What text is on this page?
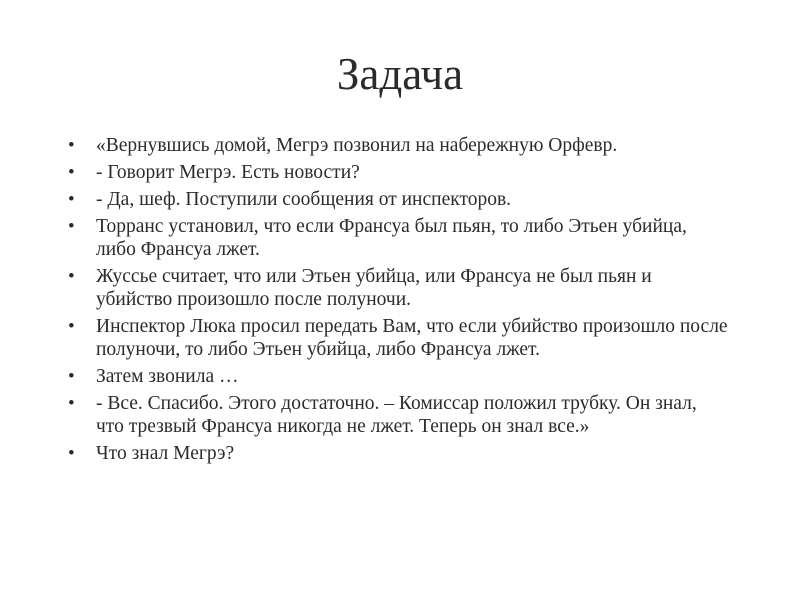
Задача
•	«Вернувшись домой, Мегрэ позвонил на набережную Орфевр.
•	- Говорит Мегрэ. Есть новости?
•	- Да, шеф. Поступили сообщения от инспекторов.
•	Торранс установил, что если Франсуа был пьян, то либо Этьен убийца, либо Франсуа лжет.
•	Жуссье считает, что или Этьен убийца, или Франсуа не был пьян и убийство произошло после полуночи.
•	Инспектор Люка просил передать Вам, что если убийство произошло после полуночи, то либо Этьен убийца, либо Франсуа лжет.
•	Затем звонила …
•	- Все. Спасибо. Этого достаточно. – Комиссар положил трубку. Он знал, что трезвый Франсуа никогда не лжет. Теперь он знал все.»
•	Что знал Мегрэ?
